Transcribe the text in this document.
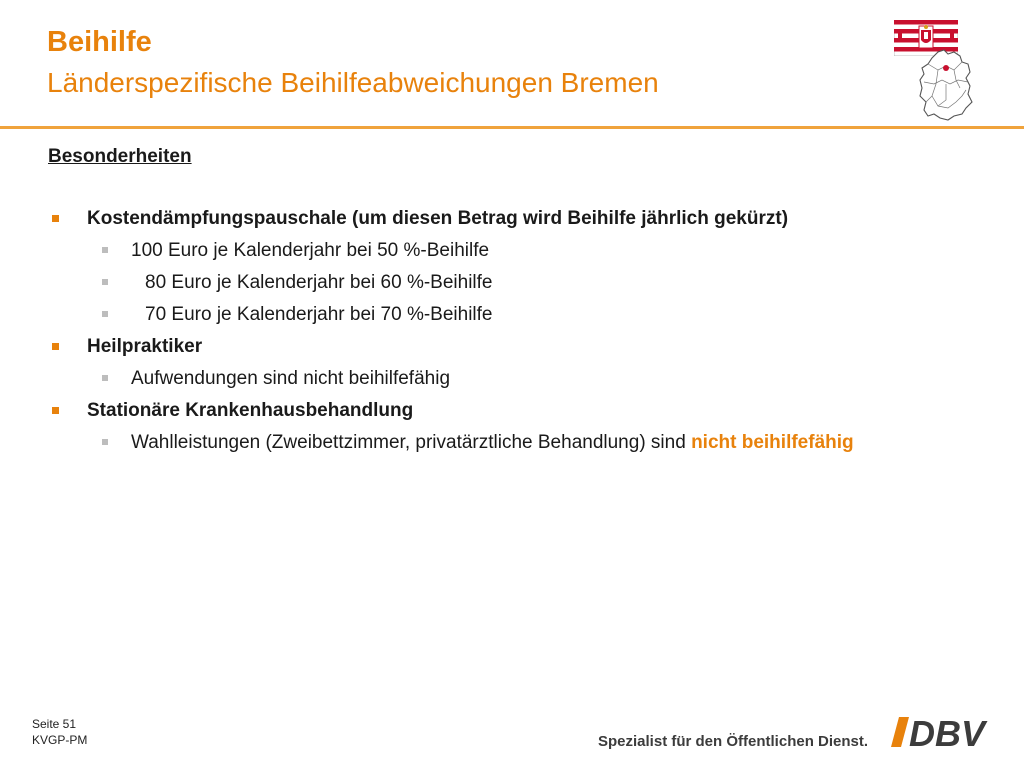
Beihilfe
Länderspezifische Beihilfeabweichungen Bremen
Besonderheiten
Kostendämpfungspauschale (um diesen Betrag wird Beihilfe jährlich gekürzt)
100 Euro je Kalenderjahr bei 50 %-Beihilfe
80 Euro je Kalenderjahr bei 60 %-Beihilfe
70 Euro je Kalenderjahr bei 70 %-Beihilfe
Heilpraktiker
Aufwendungen sind nicht beihilfefähig
Stationäre Krankenhausbehandlung
Wahlleistungen (Zweibettzimmer, privatärztliche Behandlung) sind nicht beihilfefähig
Seite 51
KVGP-PM	Spezialist für den Öffentlichen Dienst. DBV
